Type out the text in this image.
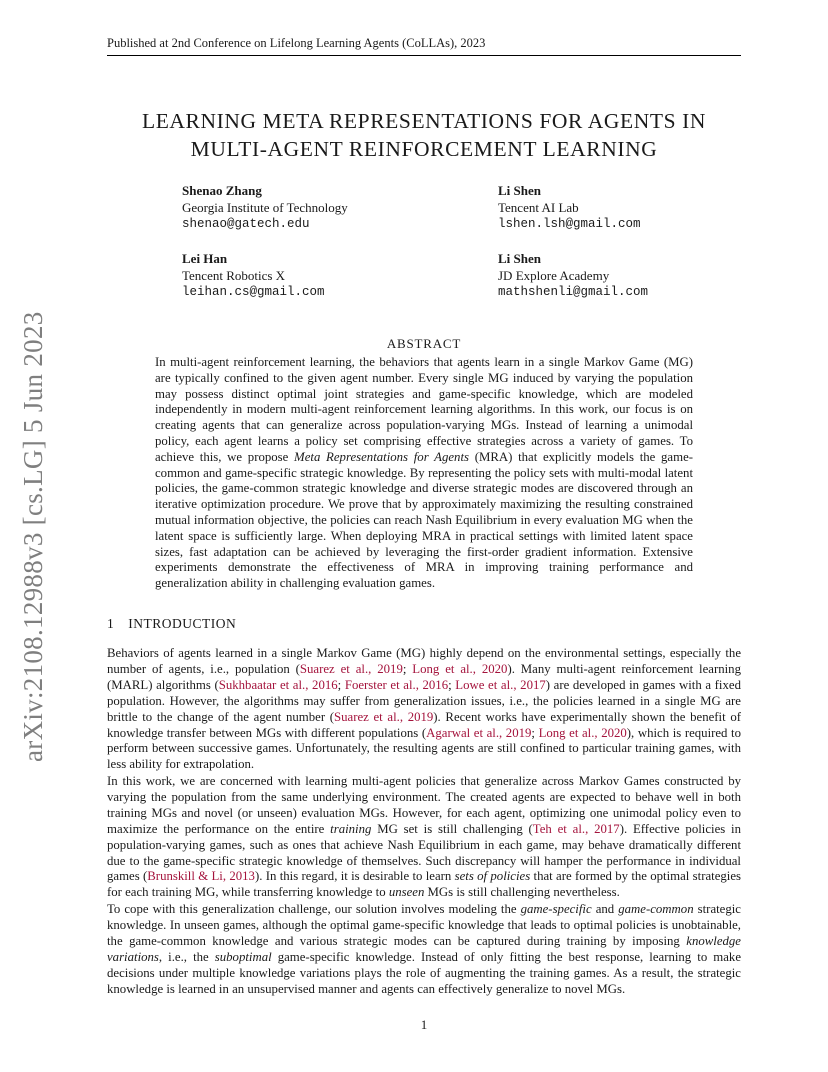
Published at 2nd Conference on Lifelong Learning Agents (CoLLAs), 2023
arXiv:2108.12988v3 [cs.LG] 5 Jun 2023
LEARNING META REPRESENTATIONS FOR AGENTS IN
MULTI-AGENT REINFORCEMENT LEARNING
Shenao Zhang
Georgia Institute of Technology
shenao@gatech.edu
Li Shen
Tencent AI Lab
lshen.lsh@gmail.com
Lei Han
Tencent Robotics X
leihan.cs@gmail.com
Li Shen
JD Explore Academy
mathshenli@gmail.com
ABSTRACT

In multi-agent reinforcement learning, the behaviors that agents learn in a single Markov Game (MG) are typically confined to the given agent number. Every single MG induced by varying the population may possess distinct optimal joint strategies and game-specific knowledge, which are modeled independently in modern multi-agent reinforcement learning algorithms. In this work, our focus is on creating agents that can generalize across population-varying MGs. Instead of learning a unimodal policy, each agent learns a policy set comprising effective strategies across a variety of games. To achieve this, we propose Meta Representations for Agents (MRA) that explicitly models the game-common and game-specific strategic knowledge. By representing the policy sets with multi-modal latent policies, the game-common strategic knowledge and diverse strategic modes are discovered through an iterative optimization procedure. We prove that by approximately maximizing the resulting constrained mutual information objective, the policies can reach Nash Equilibrium in every evaluation MG when the latent space is sufficiently large. When deploying MRA in practical settings with limited latent space sizes, fast adaptation can be achieved by leveraging the first-order gradient information. Extensive experiments demonstrate the effectiveness of MRA in improving training performance and generalization ability in challenging evaluation games.

1 INTRODUCTION

Behaviors of agents learned in a single Markov Game (MG) highly depend on the environmental settings, especially the number of agents, i.e., population (Suarez et al., 2019; Long et al., 2020). Many multi-agent reinforcement learning (MARL) algorithms (Sukhbaatar et al., 2016; Foerster et al., 2016; Lowe et al., 2017) are developed in games with a fixed population. However, the algorithms may suffer from generalization issues, i.e., the policies learned in a single MG are brittle to the change of the agent number (Suarez et al., 2019). Recent works have experimentally shown the benefit of knowledge transfer between MGs with different populations (Agarwal et al., 2019; Long et al., 2020), which is required to perform between successive games. Unfortunately, the resulting agents are still confined to particular training games, with less ability for extrapolation.

In this work, we are concerned with learning multi-agent policies that generalize across Markov Games constructed by varying the population from the same underlying environment. The created agents are expected to behave well in both training MGs and novel (or unseen) evaluation MGs. However, for each agent, optimizing one unimodal policy even to maximize the performance on the entire training MG set is still challenging (Teh et al., 2017). Effective policies in population-varying games, such as ones that achieve Nash Equilibrium in each game, may behave dramatically different due to the game-specific strategic knowledge of themselves. Such discrepancy will hamper the performance in individual games (Brunskill & Li, 2013). In this regard, it is desirable to learn sets of policies that are formed by the optimal strategies for each training MG, while transferring knowledge to unseen MGs is still challenging nevertheless.

To cope with this generalization challenge, our solution involves modeling the game-specific and game-common strategic knowledge. In unseen games, although the optimal game-specific knowledge that leads to optimal policies is unobtainable, the game-common knowledge and various strategic modes can be captured during training by imposing knowledge variations, i.e., the suboptimal game-specific knowledge. Instead of only fitting the best response, learning to make decisions under multiple knowledge variations plays the role of augmenting the training games. As a result, the strategic knowledge is learned in an unsupervised manner and agents can effectively generalize to novel MGs.

1
